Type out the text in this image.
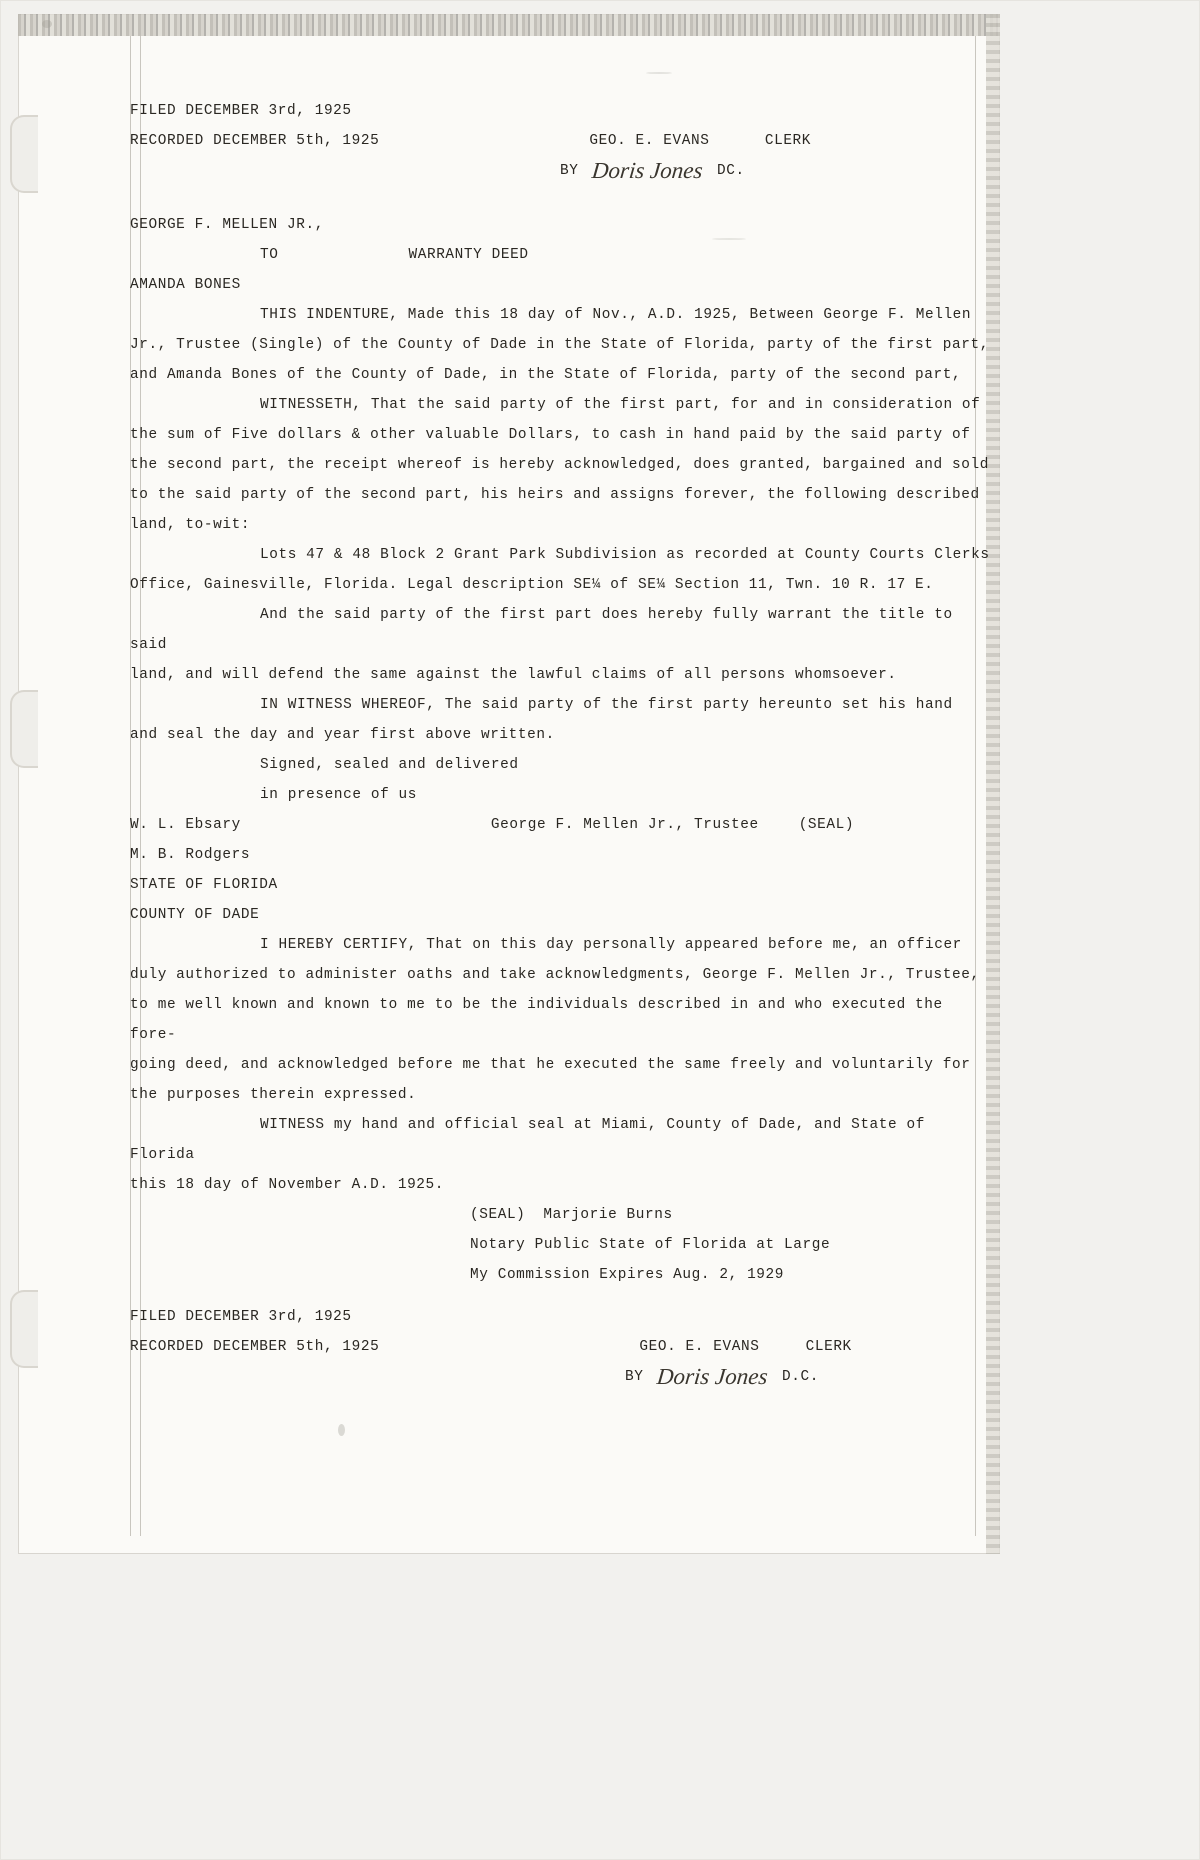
FILED DECEMBER 3rd, 1925
RECORDED DECEMBER 5th, 1925	GEO. E. EVANS      CLERK
BY Doris Jones DC.
GEORGE F. MELLEN JR.,
TO	WARRANTY DEED
AMANDA BONES
THIS INDENTURE, Made this 18 day of Nov., A.D. 1925, Between George F. Mellen
Jr., Trustee (Single) of the County of Dade in the State of Florida, party of the first part,
and Amanda Bones of the County of Dade, in the State of Florida, party of the second part,
WITNESSETH, That the said party of the first part, for and in consideration of
the sum of Five dollars & other valuable Dollars, to cash in hand paid by the said party of
the second part, the receipt whereof is hereby acknowledged, does granted, bargained and sold
to the said party of the second part, his heirs and assigns forever, the following described
land, to-wit:
Lots 47 & 48 Block 2 Grant Park Subdivision as recorded at County Courts Clerks
Office, Gainesville, Florida. Legal description SE¼ of SE¼ Section 11, Twn. 10 R. 17 E.
And the said party of the first part does hereby fully warrant the title to said
land, and will defend the same against the lawful claims of all persons whomsoever.
IN WITNESS WHEREOF, The said party of the first party hereunto set his hand
and seal the day and year first above written.
Signed, sealed and delivered
in presence of us
W. L. Ebsary	George F. Mellen Jr., Trustee	(SEAL)
M. B. Rodgers
STATE OF FLORIDA
COUNTY OF DADE
I HEREBY CERTIFY, That on this day personally appeared before me, an officer
duly authorized to administer oaths and take acknowledgments, George F. Mellen Jr., Trustee,
to me well known and known to me to be the individuals described in and who executed the fore-
going deed, and acknowledged before me that he executed the same freely and voluntarily for
the purposes therein expressed.
WITNESS my hand and official seal at Miami, County of Dade, and State of Florida
this 18 day of November A.D. 1925.
(SEAL) Marjorie Burns
Notary Public State of Florida at Large
My Commission Expires Aug. 2, 1929
FILED DECEMBER 3rd, 1925
RECORDED DECEMBER 5th, 1925	GEO. E. EVANS     CLERK
BY Doris Jones D.C.
